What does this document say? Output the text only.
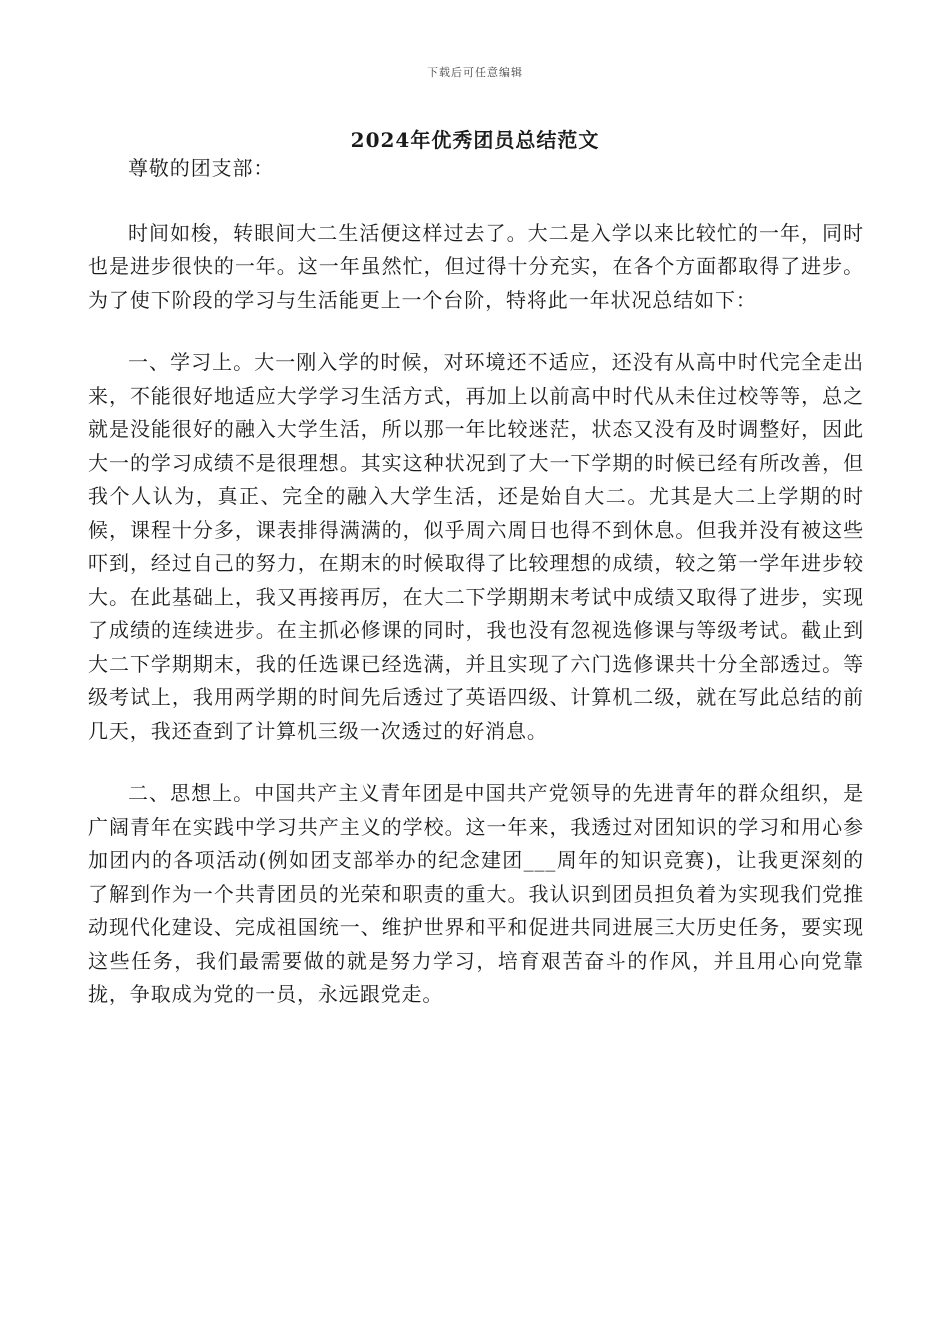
下载后可任意编辑
2024年优秀团员总结范文

尊敬的团支部：

时间如梭，转眼间大二生活便这样过去了。大二是入学以来比较忙的一年，同时也是进步很快的一年。这一年虽然忙，但过得十分充实，在各个方面都取得了进步。为了使下阶段的学习与生活能更上一个台阶，特将此一年状况总结如下：

一、学习上。大一刚入学的时候，对环境还不适应，还没有从高中时代完全走出来，不能很好地适应大学学习生活方式，再加上以前高中时代从未住过校等等，总之就是没能很好的融入大学生活，所以那一年比较迷茫，状态又没有及时调整好，因此大一的学习成绩不是很理想。其实这种状况到了大一下学期的时候已经有所改善，但我个人认为，真正、完全的融入大学生活，还是始自大二。尤其是大二上学期的时候，课程十分多，课表排得满满的，似乎周六周日也得不到休息。但我并没有被这些吓到，经过自己的努力，在期末的时候取得了比较理想的成绩，较之第一学年进步较大。在此基础上，我又再接再厉，在大二下学期期末考试中成绩又取得了进步，实现了成绩的连续进步。在主抓必修课的同时，我也没有忽视选修课与等级考试。截止到大二下学期期末，我的任选课已经选满，并且实现了六门选修课共十分全部透过。等级考试上，我用两学期的时间先后透过了英语四级、计算机二级，就在写此总结的前几天，我还查到了计算机三级一次透过的好消息。

二、思想上。中国共产主义青年团是中国共产党领导的先进青年的群众组织，是广阔青年在实践中学习共产主义的学校。这一年来，我透过对团知识的学习和用心参加团内的各项活动(例如团支部举办的纪念建团___周年的知识竞赛)，让我更深刻的了解到作为一个共青团员的光荣和职责的重大。我认识到团员担负着为实现我们党推动现代化建设、完成祖国统一、维护世界和平和促进共同进展三大历史任务，要实现这些任务，我们最需要做的就是努力学习，培育艰苦奋斗的作风，并且用心向党靠拢，争取成为党的一员，永远跟党走。
